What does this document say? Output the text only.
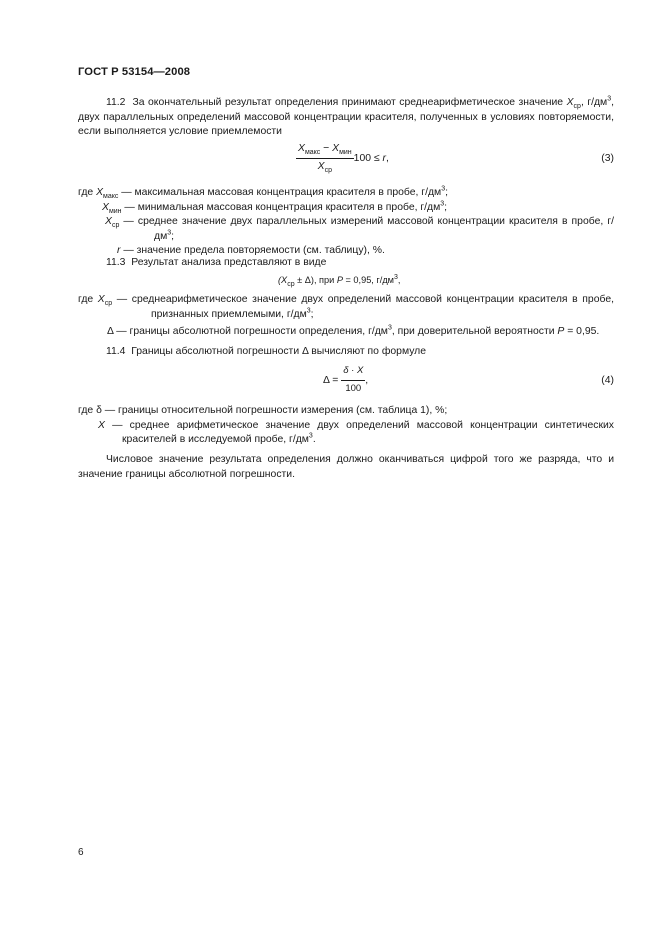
ГОСТ Р 53154—2008
11.2 За окончательный результат определения принимают среднеарифметическое значение $X_{ср}$, $г/дм^3$, двух параллельных определений массовой концентрации красителя, полученных в условиях повторяемости, если выполняется условие приемлемости
$\frac{X_{макс} - X_{мин}}{X_{ср}} 100 \le r$,	(3)
где $X_{макс}$ — максимальная массовая концентрация красителя в пробе, $г/дм^3$;
$X_{мин}$ — минимальная массовая концентрация красителя в пробе, $г/дм^3$;
$X_{ср}$ — среднее значение двух параллельных измерений массовой концентрации красителя в пробе, $г/дм^3$;
r — значение предела повторяемости (см. таблицу), %.
11.3 Результат анализа представляют в виде
$(X_{ср} \pm \Delta)$, при P = 0,95, $г/дм^3$,
где $X_{ср}$ — среднеарифметическое значение двух определений массовой концентрации красителя в пробе, признанных приемлемыми, $г/дм^3$;
Δ — границы абсолютной погрешности определения, $г/дм^3$, при доверительной вероятности P = 0,95.
11.4 Границы абсолютной погрешности Δ вычисляют по формуле
$\Delta = \frac{\delta \cdot X}{100}$ ,	(4)
где δ — границы относительной погрешности измерения (см. таблица 1), %;
X — среднее арифметическое значение двух определений массовой концентрации синтетических красителей в исследуемой пробе, $г/дм^3$.
Числовое значение результата определения должно оканчиваться цифрой того же разряда, что и значение границы абсолютной погрешности.
6
